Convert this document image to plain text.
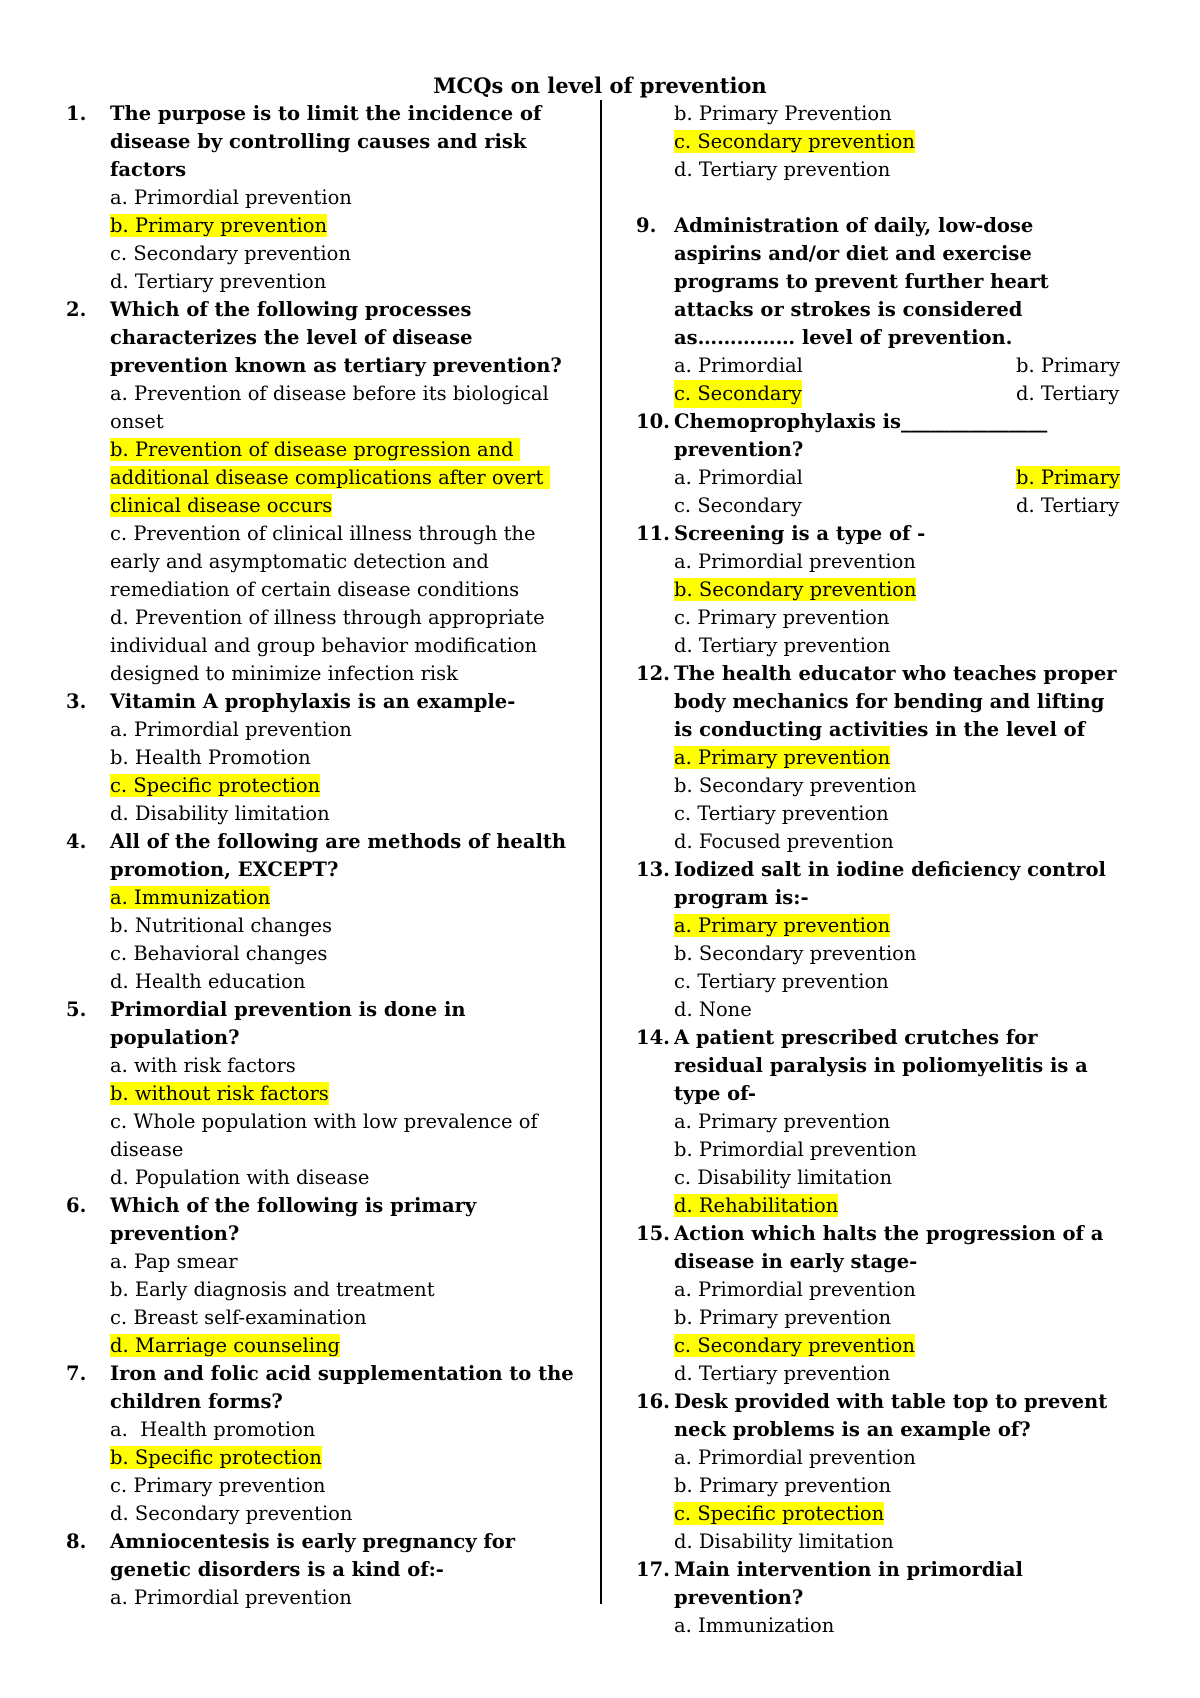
MCQs on level of prevention
1.	The purpose is to limit the incidence of disease by controlling causes and risk factors
a. Primordial prevention
b. Primary prevention
c. Secondary prevention
d. Tertiary prevention
2.	Which of the following processes characterizes the level of disease prevention known as tertiary prevention?
a. Prevention of disease before its biological onset
b. Prevention of disease progression and additional disease complications after overt clinical disease occurs
c. Prevention of clinical illness through the early and asymptomatic detection and remediation of certain disease conditions
d. Prevention of illness through appropriate individual and group behavior modification designed to minimize infection risk
3.	Vitamin A prophylaxis is an example-
a. Primordial prevention
b. Health Promotion
c. Specific protection
d. Disability limitation
4.	All of the following are methods of health promotion, EXCEPT?
a. Immunization
b. Nutritional changes
c. Behavioral changes
d. Health education
5.	Primordial prevention is done in population?
a. with risk factors
b. without risk factors
c. Whole population with low prevalence of disease
d. Population with disease
6.	Which of the following is primary prevention?
a. Pap smear
b. Early diagnosis and treatment
c. Breast self-examination
d. Marriage counseling
7.	Iron and folic acid supplementation to the children forms?
a.  Health promotion
b. Specific protection
c. Primary prevention
d. Secondary prevention
8.	Amniocentesis is early pregnancy for genetic disorders is a kind of:-
a. Primordial prevention
b. Primary Prevention
c. Secondary prevention
d. Tertiary prevention
9. Administration of daily, low-dose aspirins and/or diet and exercise programs to prevent further heart attacks or strokes is considered as…………… level of prevention.
a. Primordial	b. Primary
c. Secondary	d. Tertiary
10. Chemoprophylaxis is_______________ prevention?
a. Primordial	b. Primary
c. Secondary	d. Tertiary
11. Screening is a type of -
a. Primordial prevention
b. Secondary prevention
c. Primary prevention
d. Tertiary prevention
12. The health educator who teaches proper body mechanics for bending and lifting is conducting activities in the level of
a. Primary prevention
b. Secondary prevention
c. Tertiary prevention
d. Focused prevention
13. Iodized salt in iodine deficiency control program is:-
a. Primary prevention
b. Secondary prevention
c. Tertiary prevention
d. None
14. A patient prescribed crutches for residual paralysis in poliomyelitis is a type of-
a. Primary prevention
b. Primordial prevention
c. Disability limitation
d. Rehabilitation
15. Action which halts the progression of a disease in early stage-
a. Primordial prevention
b. Primary prevention
c. Secondary prevention
d. Tertiary prevention
16. Desk provided with table top to prevent neck problems is an example of?
a. Primordial prevention
b. Primary prevention
c. Specific protection
d. Disability limitation
17. Main intervention in primordial prevention?
a. Immunization
